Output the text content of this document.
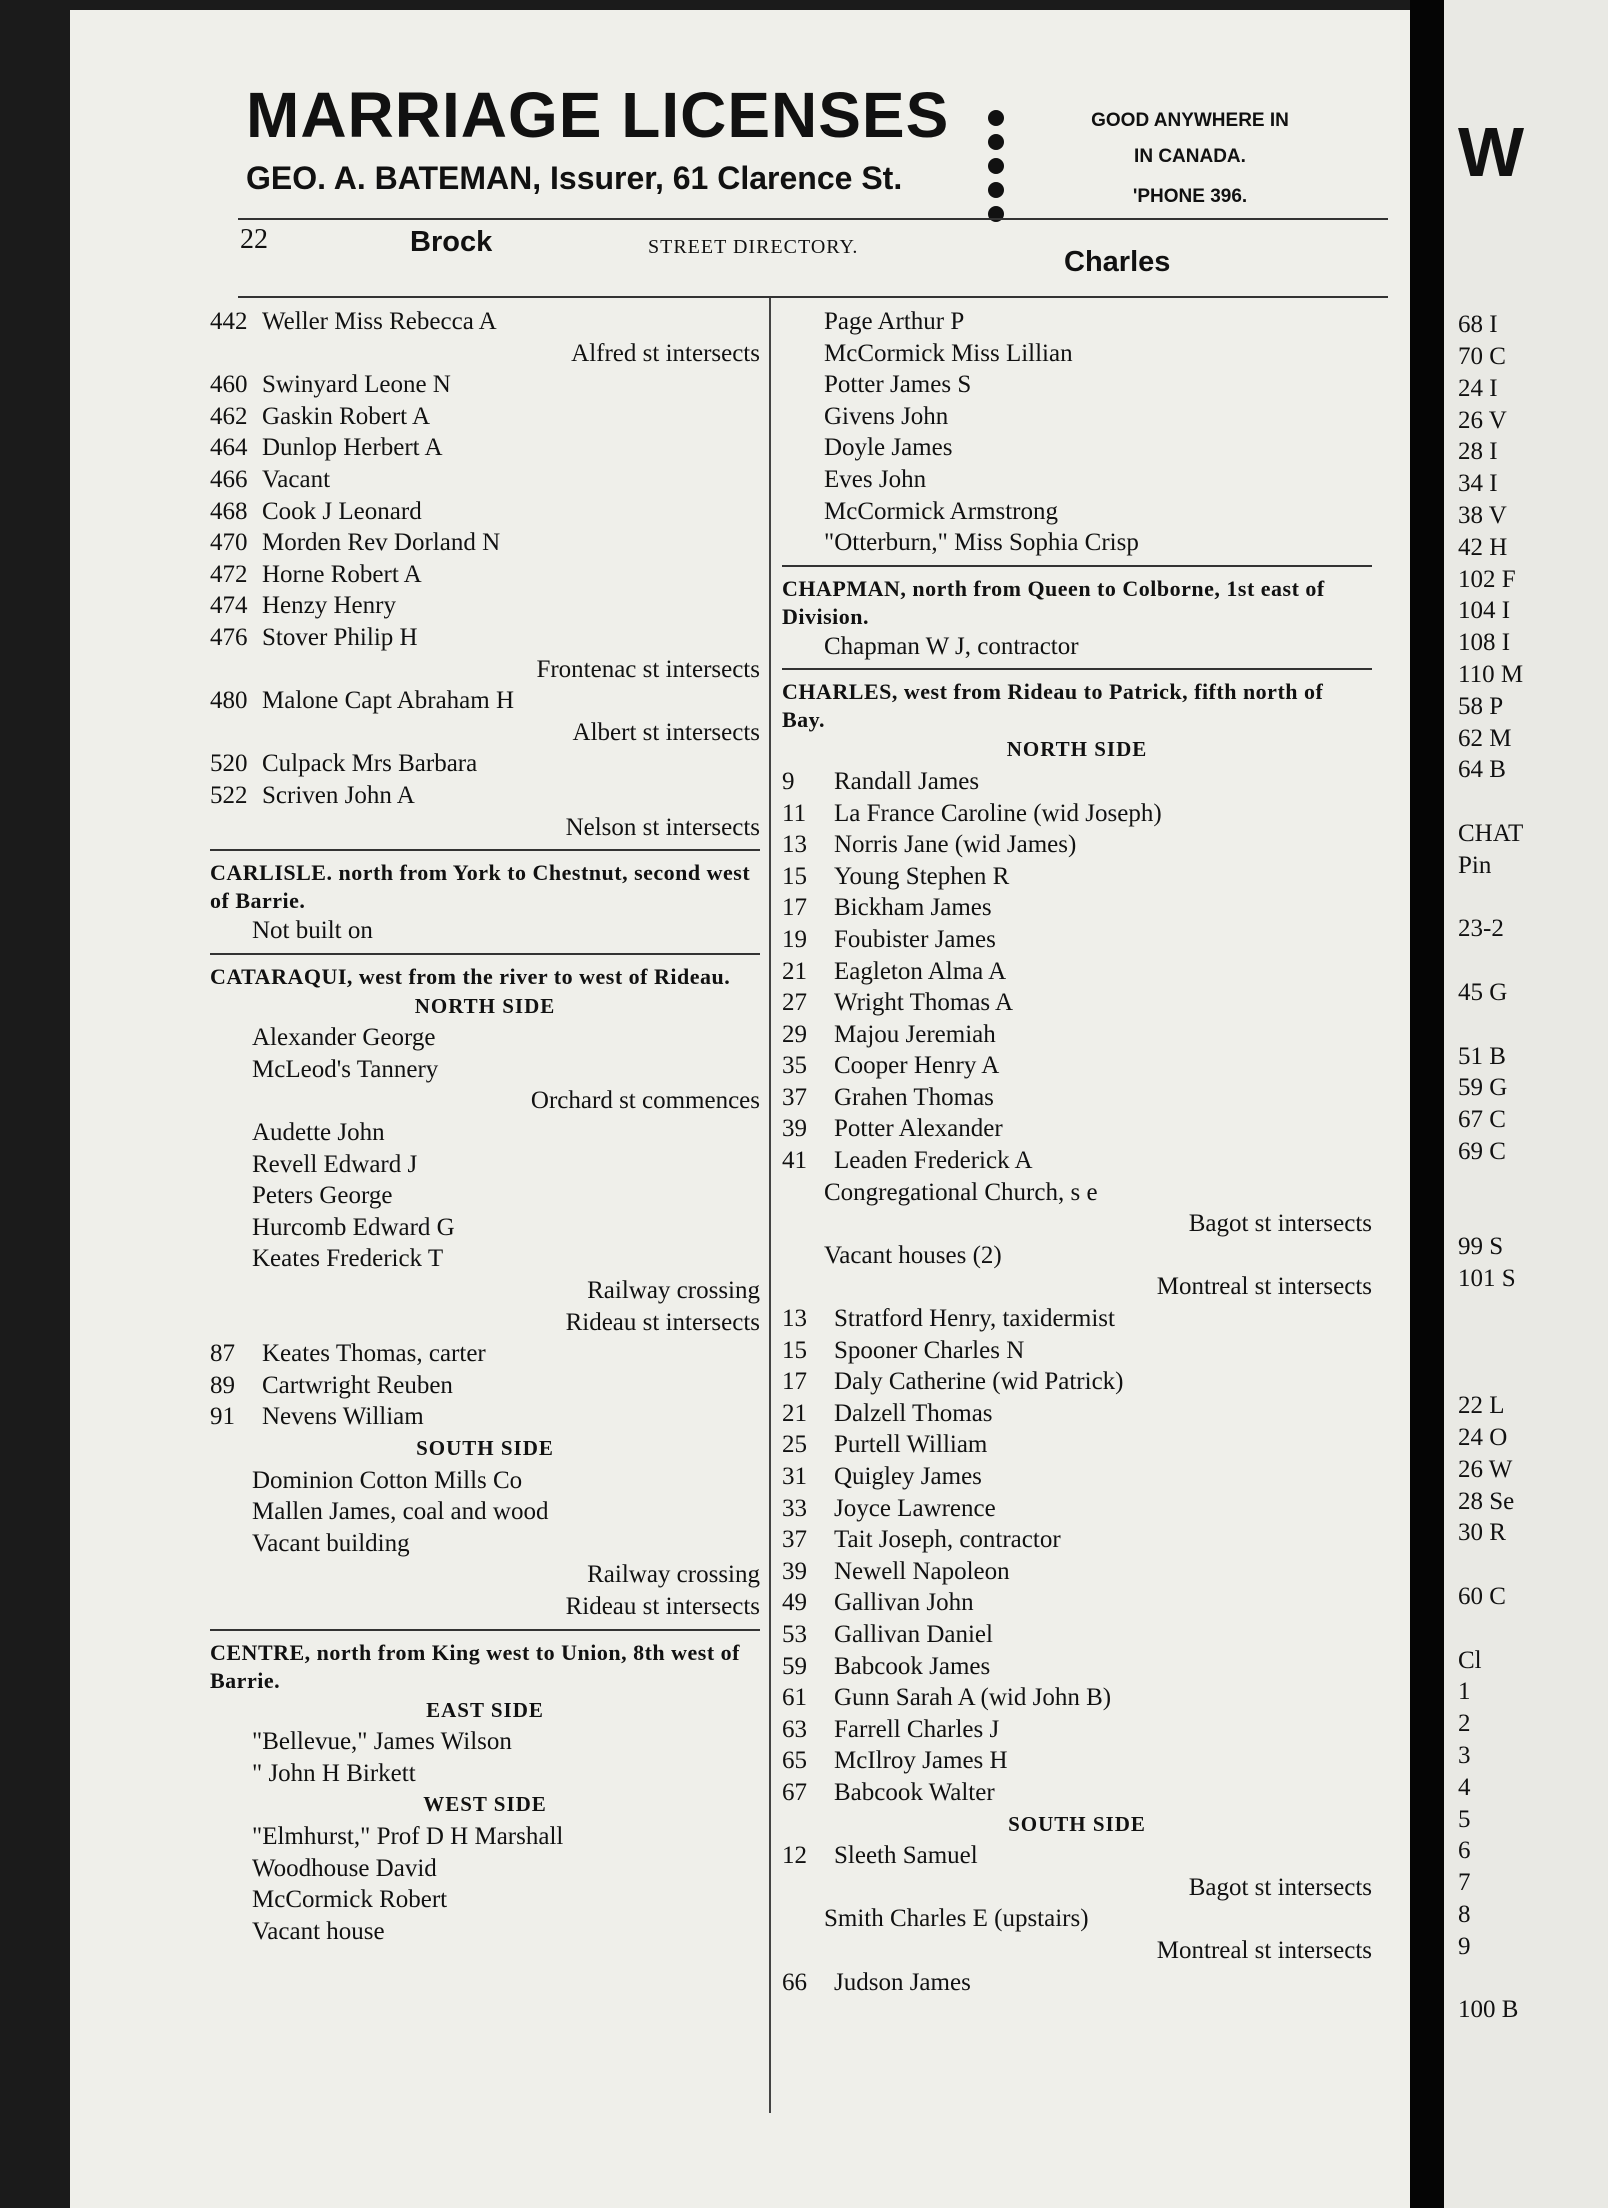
MARRIAGE LICENSES
GEO. A. BATEMAN, Issurer, 61 Clarence St.
GOOD ANYWHERE IN
IN CANADA.
'PHONE 396.
22	Brock	STREET DIRECTORY.	Charles
442 Weller Miss Rebecca A
Alfred st intersects
460 Swinyard Leone N
462 Gaskin Robert A
464 Dunlop Herbert A
466 Vacant
468 Cook J Leonard
470 Morden Rev Dorland N
472 Horne Robert A
474 Henzy Henry
476 Stover Philip H
Frontenac st intersects
480 Malone Capt Abraham H
Albert st intersects
520 Culpack Mrs Barbara
522 Scriven John A
Nelson st intersects
CARLISLE. north from York to Chestnut, second west of Barrie.
Not built on
CATARAQUI, west from the river to west of Rideau.
NORTH SIDE
Alexander George
McLeod's Tannery
Orchard st commences
Audette John
Revell Edward J
Peters George
Hurcomb Edward G
Keates Frederick T
Railway crossing
Rideau st intersects
87 Keates Thomas, carter
89 Cartwright Reuben
91 Nevens William
SOUTH SIDE
Dominion Cotton Mills Co
Mallen James, coal and wood
Vacant building
Railway crossing
Rideau st intersects
CENTRE, north from King west to Union, 8th west of Barrie.
EAST SIDE
"Bellevue," James Wilson
" John H Birkett
WEST SIDE
"Elmhurst," Prof D H Marshall
Woodhouse David
McCormick Robert
Vacant house
Page Arthur P
McCormick Miss Lillian
Potter James S
Givens John
Doyle James
Eves John
McCormick Armstrong
"Otterburn," Miss Sophia Crisp
CHAPMAN, north from Queen to Colborne, 1st east of Division.
Chapman W J, contractor
CHARLES, west from Rideau to Patrick, fifth north of Bay.
NORTH SIDE
9 Randall James
11 La France Caroline (wid Joseph)
13 Norris Jane (wid James)
15 Young Stephen R
17 Bickham James
19 Foubister James
21 Eagleton Alma A
27 Wright Thomas A
29 Majou Jeremiah
35 Cooper Henry A
37 Grahen Thomas
39 Potter Alexander
41 Leaden Frederick A
Congregational Church, s e
Bagot st intersects
Vacant houses (2)
Montreal st intersects
13 Stratford Henry, taxidermist
15 Spooner Charles N
17 Daly Catherine (wid Patrick)
21 Dalzell Thomas
25 Purtell William
31 Quigley James
33 Joyce Lawrence
37 Tait Joseph, contractor
39 Newell Napoleon
49 Gallivan John
53 Gallivan Daniel
59 Babcook James
61 Gunn Sarah A (wid John B)
63 Farrell Charles J
65 McIlroy James H
67 Babcook Walter
SOUTH SIDE
12 Sleeth Samuel
Bagot st intersects
Smith Charles E (upstairs)
Montreal st intersects
66 Judson James
W
68 I
70 C
24 I
26 V
28 I
34 I
38 V
42 H
102 F
104 I
108 I
110 M
58 P
62 M
64 B
CHAT
Pin
23-2
45 G
51 B
59 G
67 C
69 C
99 S
101 S
22 L
24 O
26 W
28 Se
30 R
60 C
Cl
1
2
3
4
5
6
7
8
9
100 B
